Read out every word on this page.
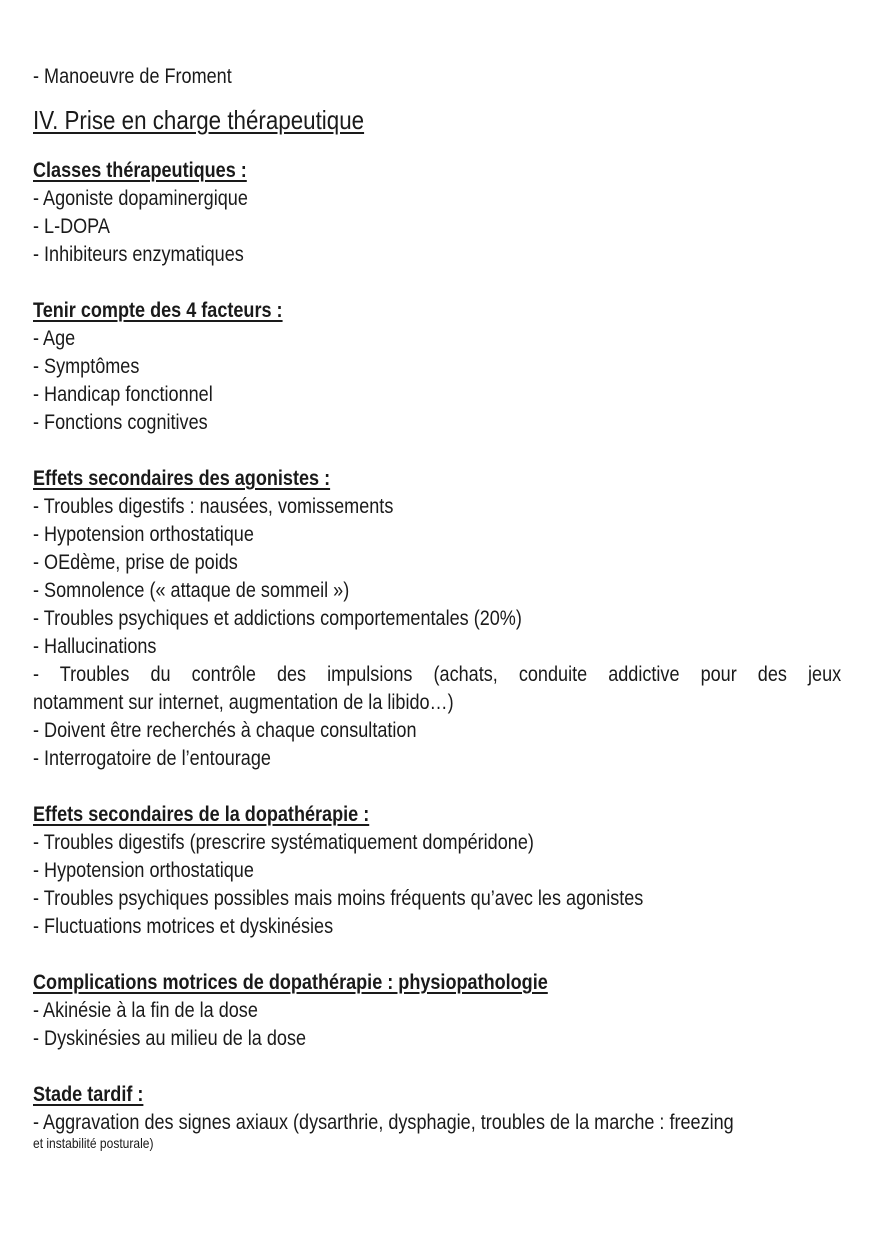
- Manoeuvre de Froment
IV. Prise en charge thérapeutique
Classes thérapeutiques :
- Agoniste dopaminergique
- L-DOPA
- Inhibiteurs enzymatiques
Tenir compte des 4 facteurs :
- Age
- Symptômes
- Handicap fonctionnel
- Fonctions cognitives
Effets secondaires des agonistes :
- Troubles digestifs : nausées, vomissements
- Hypotension orthostatique
- OEdème, prise de poids
- Somnolence (« attaque de sommeil »)
- Troubles psychiques et addictions comportementales (20%)
- Hallucinations
- Troubles du contrôle des impulsions (achats, conduite addictive pour des jeux
notamment sur internet, augmentation de la libido…)
- Doivent être recherchés à chaque consultation
- Interrogatoire de l’entourage
Effets secondaires de la dopathérapie :
- Troubles digestifs (prescrire systématiquement dompéridone)
- Hypotension orthostatique
- Troubles psychiques possibles mais moins fréquents qu’avec les agonistes
- Fluctuations motrices et dyskinésies
Complications motrices de dopathérapie : physiopathologie
- Akinésie à la fin de la dose
- Dyskinésies au milieu de la dose
Stade tardif :
- Aggravation des signes axiaux (dysarthrie, dysphagie, troubles de la marche : freezing
et instabilité posturale)
